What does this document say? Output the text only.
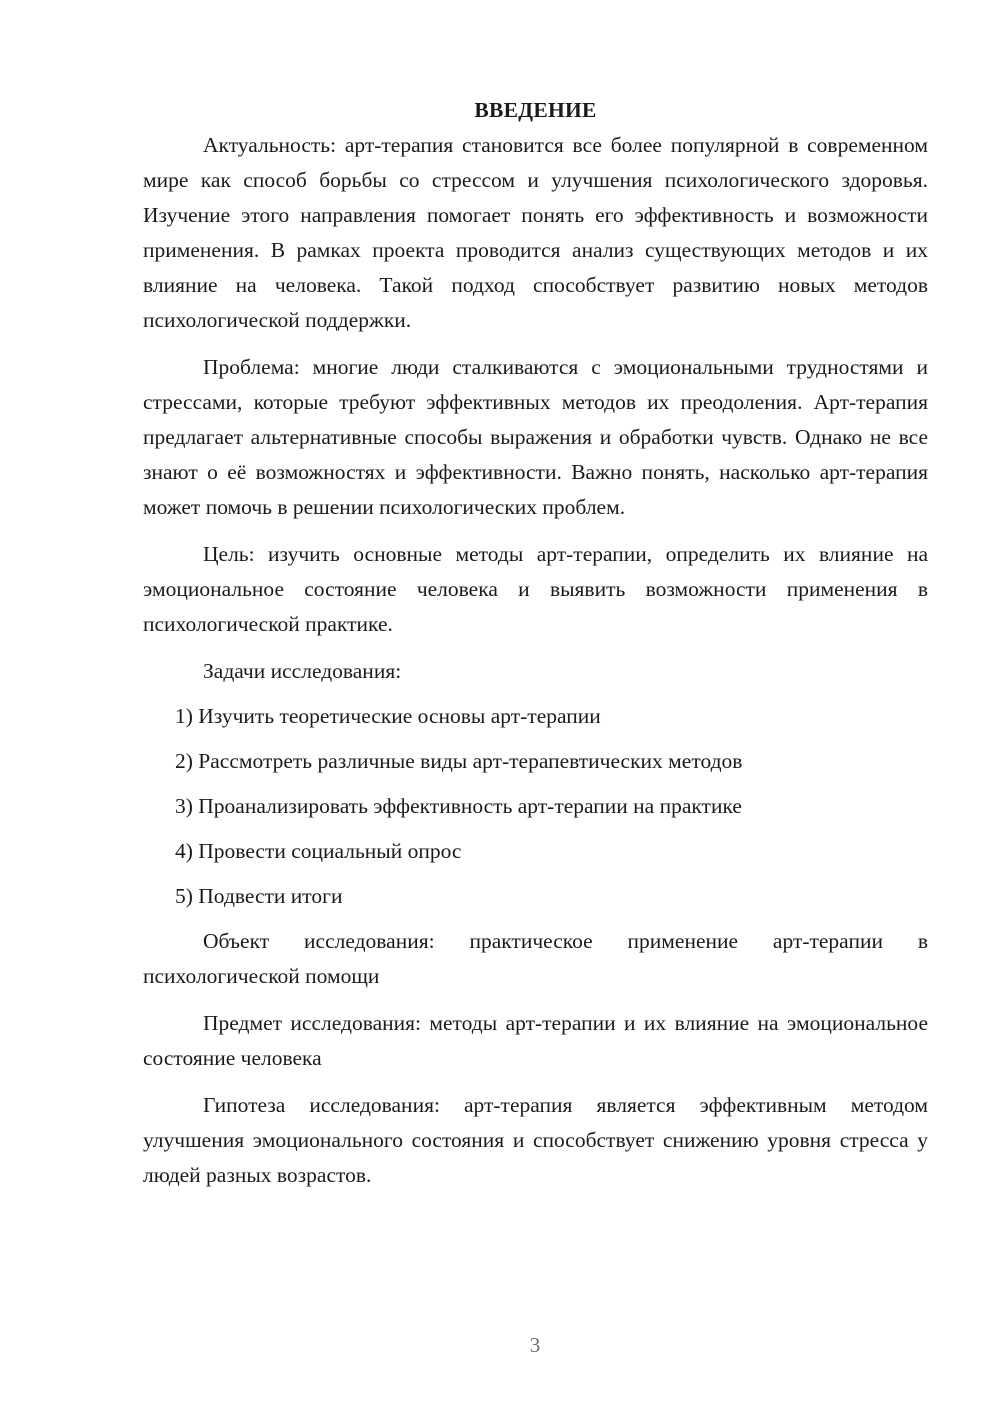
ВВЕДЕНИЕ

Актуальность: арт-терапия становится все более популярной в современном мире как способ борьбы со стрессом и улучшения психологического здоровья. Изучение этого направления помогает понять его эффективность и возможности применения. В рамках проекта проводится анализ существующих методов и их влияние на человека. Такой подход способствует развитию новых методов психологической поддержки.

Проблема: многие люди сталкиваются с эмоциональными трудностями и стрессами, которые требуют эффективных методов их преодоления. Арт-терапия предлагает альтернативные способы выражения и обработки чувств. Однако не все знают о её возможностях и эффективности. Важно понять, насколько арт-терапия может помочь в решении психологических проблем.

Цель: изучить основные методы арт-терапии, определить их влияние на эмоциональное состояние человека и выявить возможности применения в психологической практике.

Задачи исследования:

1) Изучить теоретические основы арт-терапии

2) Рассмотреть различные виды арт-терапевтических методов

3) Проанализировать эффективность арт-терапии на практике

4) Провести социальный опрос

5) Подвести итоги

Объект исследования: практическое применение арт-терапии в психологической помощи

Предмет исследования: методы арт-терапии и их влияние на эмоциональное состояние человека

Гипотеза исследования: арт-терапия является эффективным методом улучшения эмоционального состояния и способствует снижению уровня стресса у людей разных возрастов.

3
